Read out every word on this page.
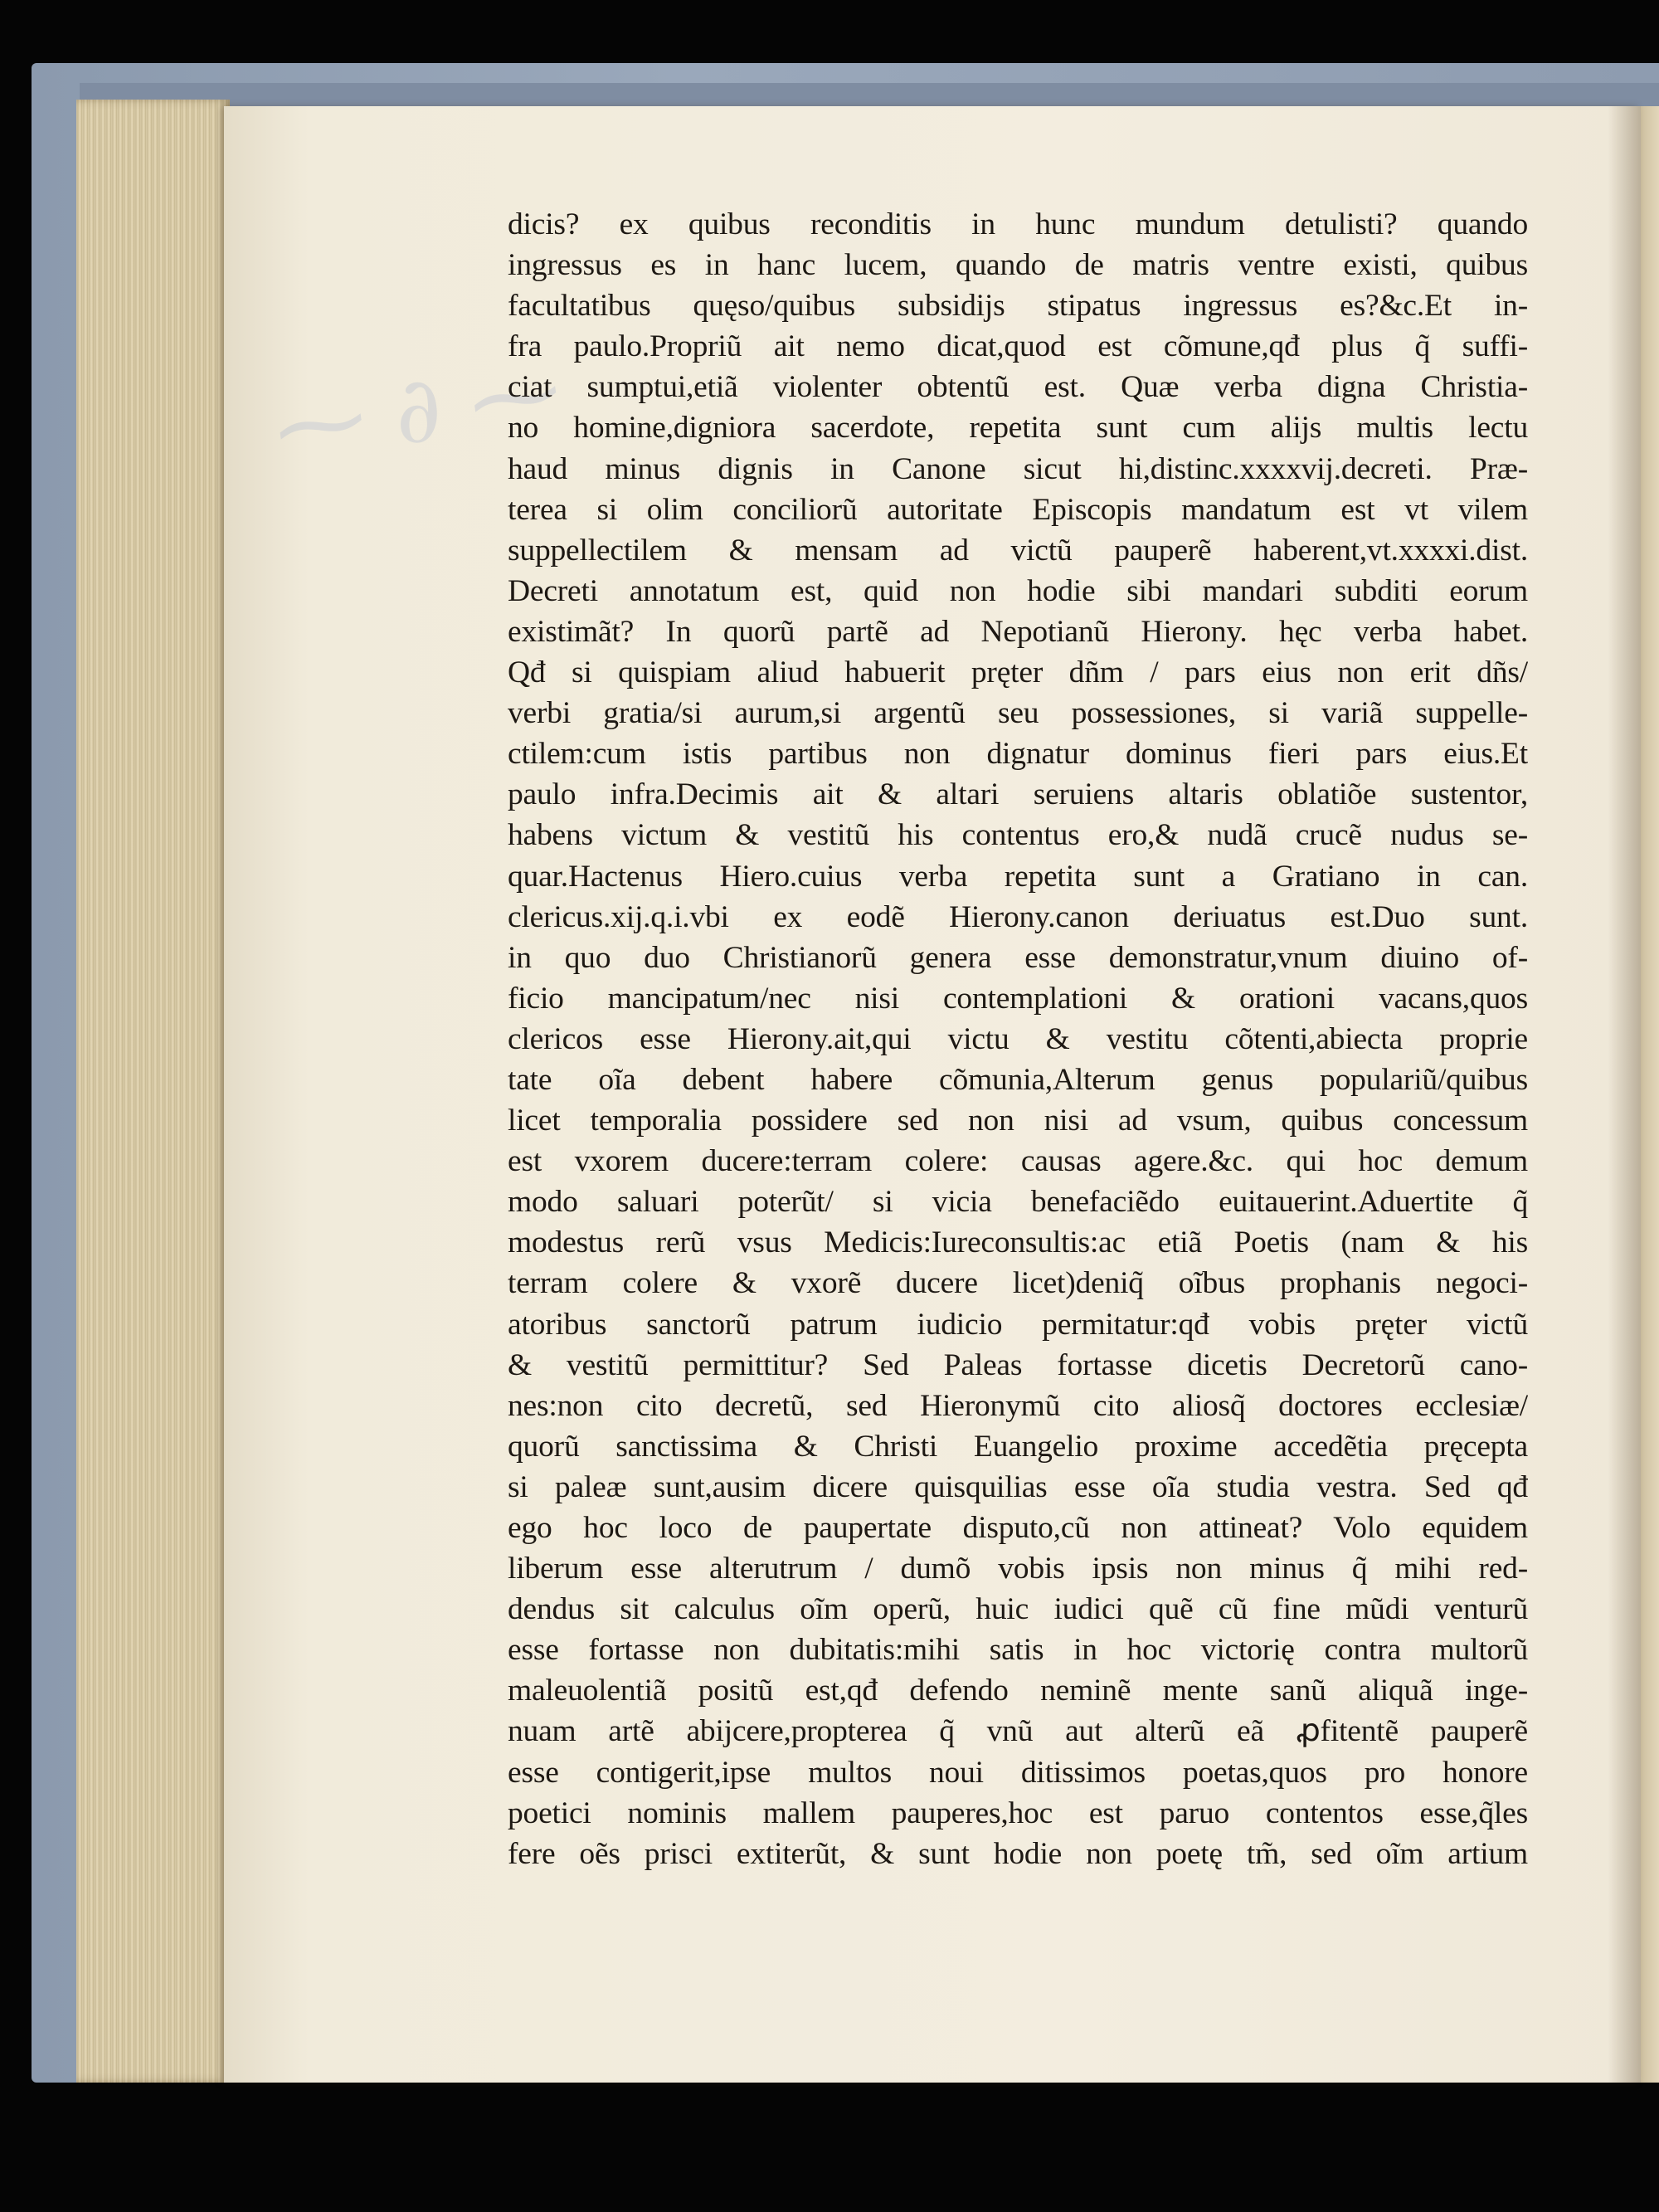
⁓ ∂ ⁓
dicis? ex quibus reconditis in hunc mundum detulisti? quando
ingressus es in hanc lucem, quando de matris ventre existi, quibus
facultatibus quęso/quibus subsidijs stipatus ingressus es?&c.Et in-
fra paulo.Propriũ ait nemo dicat,quod est cõmune,qđ plus q̃ suffi-
ciat sumptui,etiã violenter obtentũ est. Quæ verba digna Christia-
no homine,digniora sacerdote, repetita sunt cum alijs multis lectu
haud minus dignis in Canone sicut hi,distinc.xxxxvij.decreti. Præ-
terea si olim conciliorũ autoritate Episcopis mandatum est vt vilem
suppellectilem & mensam ad victũ pauperẽ haberent,vt.xxxxi.dist.
Decreti annotatum est, quid non hodie sibi mandari subditi eorum
existimãt? In quorũ partẽ ad Nepotianũ Hierony. hęc verba habet.
Qđ si quispiam aliud habuerit pręter dñm / pars eius non erit dñs/
verbi gratia/si aurum,si argentũ seu possessiones, si variã suppelle-
ctilem:cum istis partibus non dignatur dominus fieri pars eius.Et
paulo infra.Decimis ait & altari seruiens altaris oblatiõe sustentor,
habens victum & vestitũ his contentus ero,& nudã crucẽ nudus se-
quar.Hactenus Hiero.cuius verba repetita sunt a Gratiano in can.
clericus.xij.q.i.vbi ex eodẽ Hierony.canon deriuatus est.Duo sunt.
in quo duo Christianorũ genera esse demonstratur,vnum diuino of-
ficio mancipatum/nec nisi contemplationi & orationi vacans,quos
clericos esse Hierony.ait,qui victu & vestitu cõtenti,abiecta proprie
tate oĩa debent habere cõmunia,Alterum genus populariũ/quibus
licet temporalia possidere sed non nisi ad vsum, quibus concessum
est vxorem ducere:terram colere: causas agere.&c. qui hoc demum
modo saluari poterũt/ si vicia benefaciẽdo euitauerint.Aduertite q̃
modestus rerũ vsus Medicis:Iureconsultis:ac etiã Poetis (nam & his
terram colere & vxorẽ ducere licet)deniq̃ oĩbus prophanis negoci-
atoribus sanctorũ patrum iudicio permitatur:qđ vobis pręter victũ
& vestitũ permittitur? Sed Paleas fortasse dicetis Decretorũ cano-
nes:non cito decretũ, sed Hieronymũ cito aliosq̃ doctores ecclesiæ/
quorũ sanctissima & Christi Euangelio proxime accedẽtia pręcepta
si paleæ sunt,ausim dicere quisquilias esse oĩa studia vestra. Sed qđ
ego hoc loco de paupertate disputo,cũ non attineat? Volo equidem
liberum esse alterutrum / dumõ vobis ipsis non minus q̃ mihi red-
dendus sit calculus oĩm operũ, huic iudici quẽ cũ fine mũdi venturũ
esse fortasse non dubitatis:mihi satis in hoc victorię contra multorũ
maleuolentiã positũ est,qđ defendo neminẽ mente sanũ aliquã inge-
nuam artẽ abijcere,propterea q̃ vnũ aut alterũ eã ꝓfitentẽ pauperẽ
esse contigerit,ipse multos noui ditissimos poetas,quos pro honore
poetici nominis mallem pauperes,hoc est paruo contentos esse,q̃les
fere oẽs prisci extiterũt, & sunt hodie non poetę tm̃, sed oĩm artium
